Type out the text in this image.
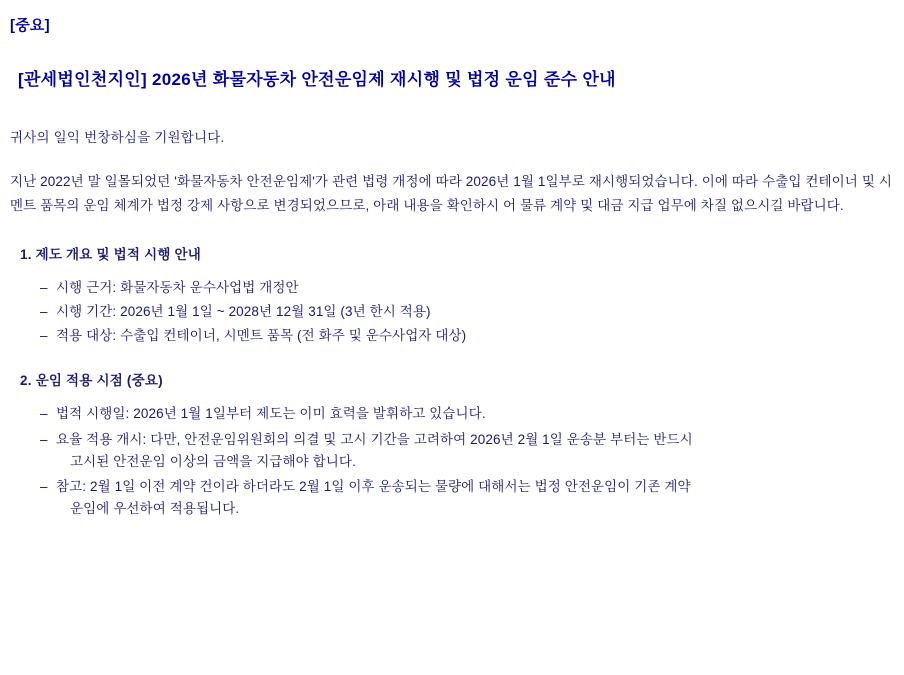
[중요]
[관세법인천지인] 2026년 화물자동차 안전운임제 재시행 및 법정 운임 준수 안내

귀사의 일익 번창하심을 기원합니다.

지난 2022년 말 일몰되었던 '화물자동차 안전운임제'가 관련 법령 개정에 따라 2026년 1월 1일부로 재시행되었습니다. 이에 따라 수출입 컨테이너 및 시멘트 품목의 운임 체계가 법정 강제 사항으로 변경되었으므로, 아래 내용을 확인하시 어 물류 계약 및 대금 지급 업무에 차질 없으시길 바랍니다.
1. 제도 개요 및 법적 시행 안내
– 시행 근거: 화물자동차 운수사업법 개정안
– 시행 기간: 2026년 1월 1일 ~ 2028년 12월 31일 (3년 한시 적용)
– 적용 대상: 수출입 컨테이너, 시멘트 품목 (전 화주 및 운수사업자 대상)
2. 운임 적용 시점 (중요)
– 법적 시행일: 2026년 1월 1일부터 제도는 이미 효력을 발휘하고 있습니다.
– 요율 적용 개시: 다만, 안전운임위원회의 의결 및 고시 기간을 고려하여 2026년 2월 1일 운송분 부터는 반드시
고시된 안전운임 이상의 금액을 지급해야 합니다.
– 참고: 2월 1일 이전 계약 건이라 하더라도 2월 1일 이후 운송되는 물량에 대해서는 법정 안전운임이 기존 계약
운임에 우선하여 적용됩니다.
